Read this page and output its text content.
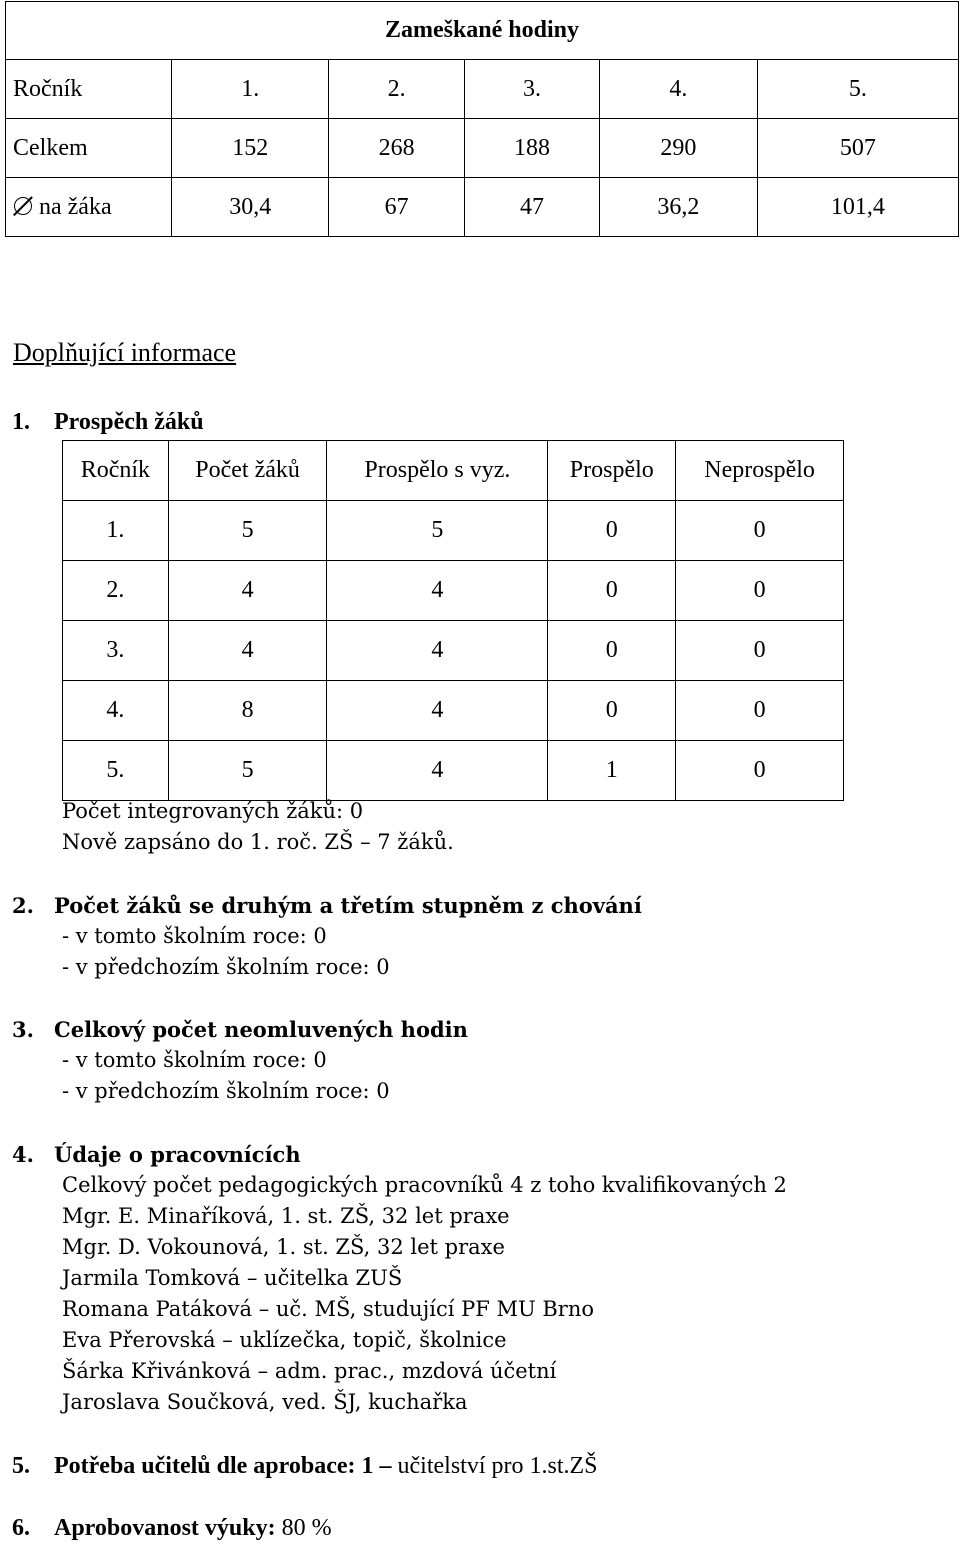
Zameškané hodiny					
Ročník	1.	2.	3.	4.	5.
Celkem	152	268	188	290	507

na žáka	30,4	67	47	36,2	101,4
Doplňující informace
1. Prospěch žáků
Ročník	Počet žáků	Prospělo s vyz.	Prospělo	Neprospělo
1.	5	5	0	0
2.	4	4	0	0
3.	4	4	0	0
4.	8	4	0	0
5.	5	4	1	0
Počet integrovaných žáků: 0
Nově zapsáno do 1. roč. ZŠ – 7 žáků.
2. Počet žáků se druhým a třetím stupněm z chování
- v tomto školním roce: 0
- v předchozím školním roce: 0
3. Celkový počet neomluvených hodin
- v tomto školním roce: 0
- v předchozím školním roce: 0
4. Údaje o pracovnících
Celkový počet pedagogických pracovníků 4 z toho kvalifikovaných 2
Mgr. E. Minaříková, 1. st. ZŠ, 32 let praxe
Mgr. D. Vokounová, 1. st. ZŠ, 32 let praxe
Jarmila Tomková – učitelka ZUŠ
Romana Patáková – uč. MŠ, studující PF MU Brno
Eva Přerovská – uklízečka, topič, školnice
Šárka Křivánková – adm. prac., mzdová účetní
Jaroslava Součková, ved. ŠJ, kuchařka
5. Potřeba učitelů dle aprobace: 1 – učitelství pro 1.st.ZŠ
6. Aprobovanost výuky: 80 %
